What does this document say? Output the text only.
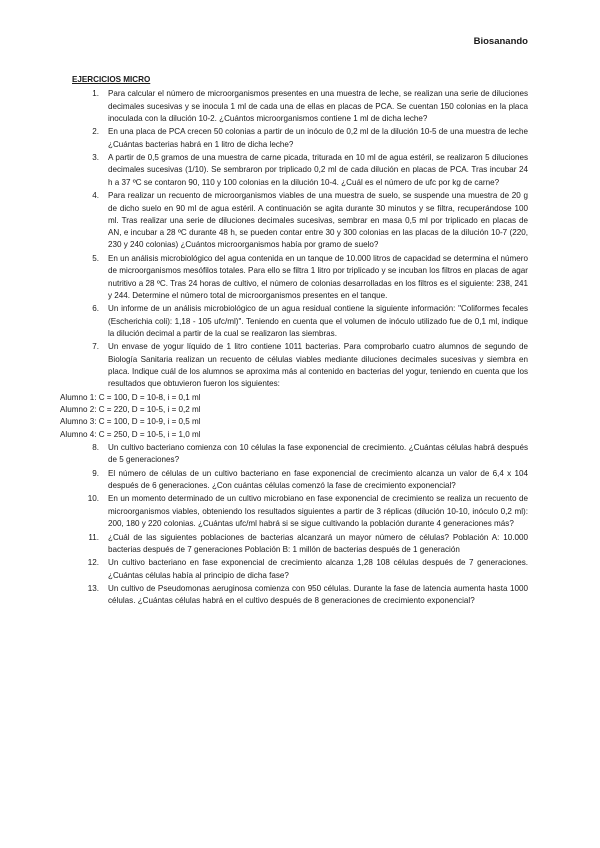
Biosanando
EJERCICIOS MICRO
1.	Para calcular el número de microorganismos presentes en una muestra de leche, se realizan una serie de diluciones decimales sucesivas y se inocula 1 ml de cada una de ellas en placas de PCA. Se cuentan 150 colonias en la placa inoculada con la dilución 10-2. ¿Cuántos microorganismos contiene 1 ml de dicha leche?
2.	En una placa de PCA crecen 50 colonias a partir de un inóculo de 0,2 ml de la dilución 10-5 de una muestra de leche ¿Cuántas bacterias habrá en 1 litro de dicha leche?
3.	A partir de 0,5 gramos de una muestra de carne picada, triturada en 10 ml de agua estéril, se realizaron 5 diluciones decimales sucesivas (1/10). Se sembraron por triplicado 0,2 ml de cada dilución en placas de PCA. Tras incubar 24 h a 37 ºC se contaron 90, 110 y 100 colonias en la dilución 10-4. ¿Cuál es el número de ufc por kg de carne?
4.	Para realizar un recuento de microorganismos viables de una muestra de suelo, se suspende una muestra de 20 g de dicho suelo en 90 ml de agua estéril. A continuación se agita durante 30 minutos y se filtra, recuperándose 100 ml. Tras realizar una serie de diluciones decimales sucesivas, sembrar en masa 0,5 ml por triplicado en placas de AN, e incubar a 28 ºC durante 48 h, se pueden contar entre 30 y 300 colonias en las placas de la dilución 10-7 (220, 230 y 240 colonias) ¿Cuántos microorganismos había por gramo de suelo?
5.	En un análisis microbiológico del agua contenida en un tanque de 10.000 litros de capacidad se determina el número de microorganismos mesófilos totales. Para ello se filtra 1 litro por triplicado y se incuban los filtros en placas de agar nutritivo a 28 ºC. Tras 24 horas de cultivo, el número de colonias desarrolladas en los filtros es el siguiente: 238, 241 y 244. Determine el número total de microorganismos presentes en el tanque.
6.	Un informe de un análisis microbiológico de un agua residual contiene la siguiente información: "Coliformes fecales (Escherichia coli): 1,18 - 105 ufc/ml)". Teniendo en cuenta que el volumen de inóculo utilizado fue de 0,1 ml, indique la dilución decimal a partir de la cual se realizaron las siembras.
7.	Un envase de yogur líquido de 1 litro contiene 1011 bacterias. Para comprobarlo cuatro alumnos de segundo de Biología Sanitaria realizan un recuento de células viables mediante diluciones decimales sucesivas y siembra en placa. Indique cuál de los alumnos se aproxima más al contenido en bacterias del yogur, teniendo en cuenta que los resultados que obtuvieron fueron los siguientes:
Alumno 1: C = 100, D = 10-8, i = 0,1 ml
Alumno 2: C = 220, D = 10-5, i = 0,2 ml
Alumno 3: C = 100, D = 10-9, i = 0,5 ml
Alumno 4: C = 250, D = 10-5, i = 1,0 ml
8.	Un cultivo bacteriano comienza con 10 células la fase exponencial de crecimiento. ¿Cuántas células habrá después de 5 generaciones?
9.	El número de células de un cultivo bacteriano en fase exponencial de crecimiento alcanza un valor de 6,4 x 104 después de 6 generaciones. ¿Con cuántas células comenzó la fase de crecimiento exponencial?
10.	En un momento determinado de un cultivo microbiano en fase exponencial de crecimiento se realiza un recuento de microorganismos viables, obteniendo los resultados siguientes a partir de 3 réplicas (dilución 10-10, inóculo 0,2 ml): 200, 180 y 220 colonias. ¿Cuántas ufc/ml habrá si se sigue cultivando la población durante 4 generaciones más?
11.	¿Cuál de las siguientes poblaciones de bacterias alcanzará un mayor número de células? Población A: 10.000 bacterias después de 7 generaciones Población B: 1 millón de bacterias después de 1 generación
12.	Un cultivo bacteriano en fase exponencial de crecimiento alcanza 1,28 108 células después de 7 generaciones. ¿Cuántas células había al principio de dicha fase?
13.	Un cultivo de Pseudomonas aeruginosa comienza con 950 células. Durante la fase de latencia aumenta hasta 1000 células. ¿Cuántas células habrá en el cultivo después de 8 generaciones de crecimiento exponencial?
